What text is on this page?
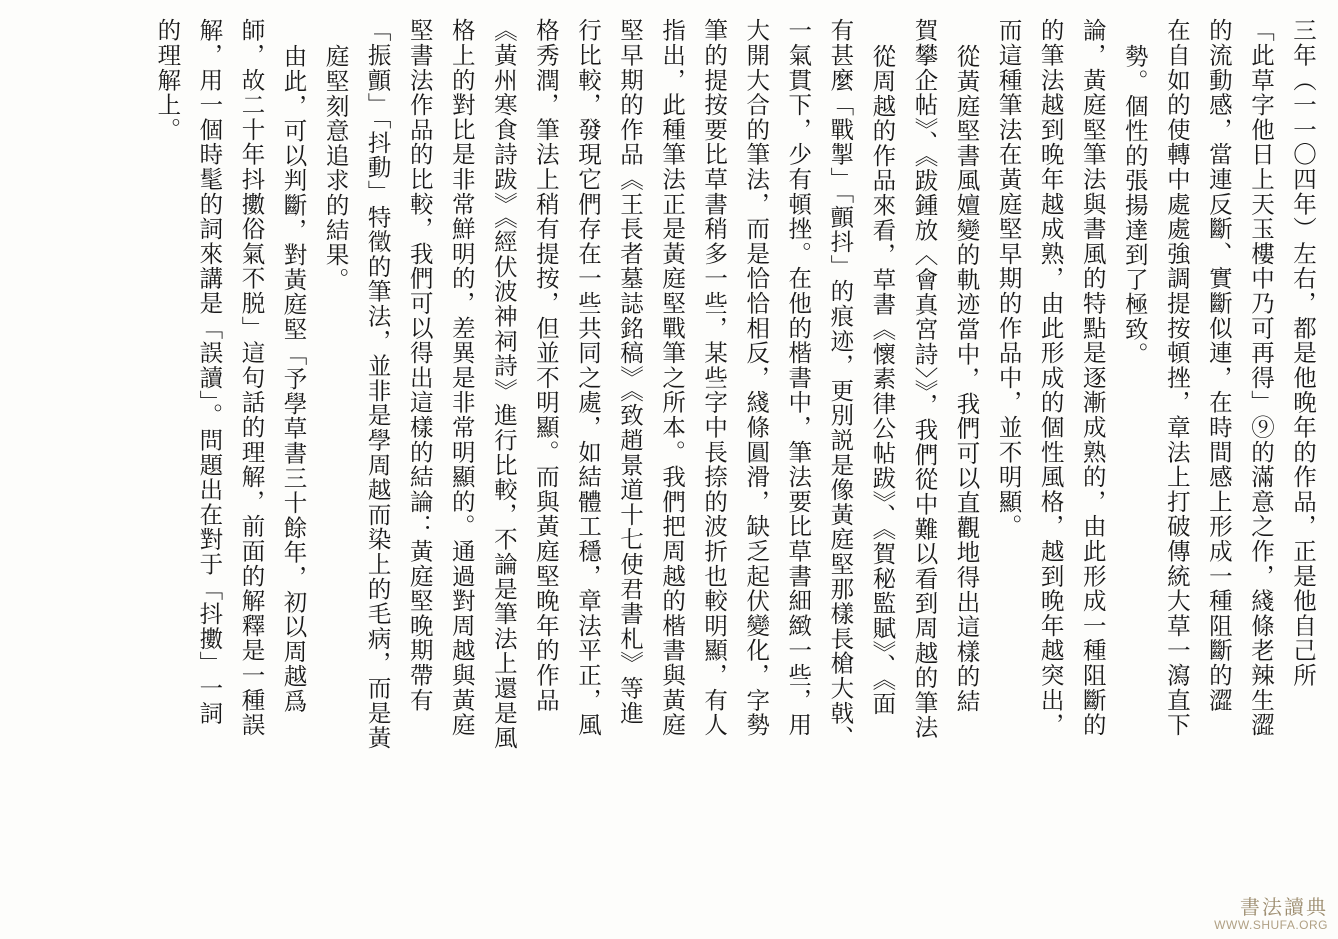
三年（一一〇四年）左右，都是他晚年的作品，正是他自己所
「此草字他日上天玉樓中乃可再得」⑨的滿意之作，綫條老辣生澀
的流動感，當連反斷、實斷似連，在時間感上形成一種阻斷的澀
在自如的使轉中處處強調提按頓挫，章法上打破傳統大草一瀉直下
勢。個性的張揚達到了極致。
論，黃庭堅筆法與書風的特點是逐漸成熟的，由此形成一種阻斷的
的筆法越到晚年越成熟，由此形成的個性風格，越到晚年越突出，
而這種筆法在黃庭堅早期的作品中，並不明顯。
從黃庭堅書風嬗變的軌迹當中，我們可以直觀地得出這樣的結
賀攀企帖》、《跋鍾放〈會真宮詩〉》，我們從中難以看到周越的筆法
從周越的作品來看，草書《懷素律公帖跋》、《賀秘監賦》、《面
有甚麼「戰掣」「顫抖」的痕迹，更別説是像黃庭堅那樣長槍大戟、
一氣貫下，少有頓挫。在他的楷書中，筆法要比草書細緻一些，用
大開大合的筆法，而是恰恰相反，綫條圓滑，缺乏起伏變化，字勢
筆的提按要比草書稍多一些，某些字中長捺的波折也較明顯，有人
指出，此種筆法正是黃庭堅戰筆之所本。我們把周越的楷書與黃庭
堅早期的作品《王長者墓誌銘稿》《致趙景道十七使君書札》等進
行比較，發現它們存在一些共同之處，如結體工穩，章法平正，風
格秀潤，筆法上稍有提按，但並不明顯。而與黃庭堅晚年的作品
《黃州寒食詩跋》《經伏波神祠詩》進行比較，不論是筆法上還是風
格上的對比是非常鮮明的，差異是非常明顯的。通過對周越與黃庭
堅書法作品的比較，我們可以得出這樣的結論：黃庭堅晚期帶有
「振顫」「抖動」特徵的筆法，並非是學周越而染上的毛病，而是黃
庭堅刻意追求的結果。
由此，可以判斷，對黃庭堅「予學草書三十餘年，初以周越爲
師，故二十年抖擻俗氣不脱」這句話的理解，前面的解釋是一種誤
解，用一個時髦的詞來講是「誤讀」。問題出在對于「抖擻」一詞
的理解上。
書法讀典
WWW.SHUFA.ORG
